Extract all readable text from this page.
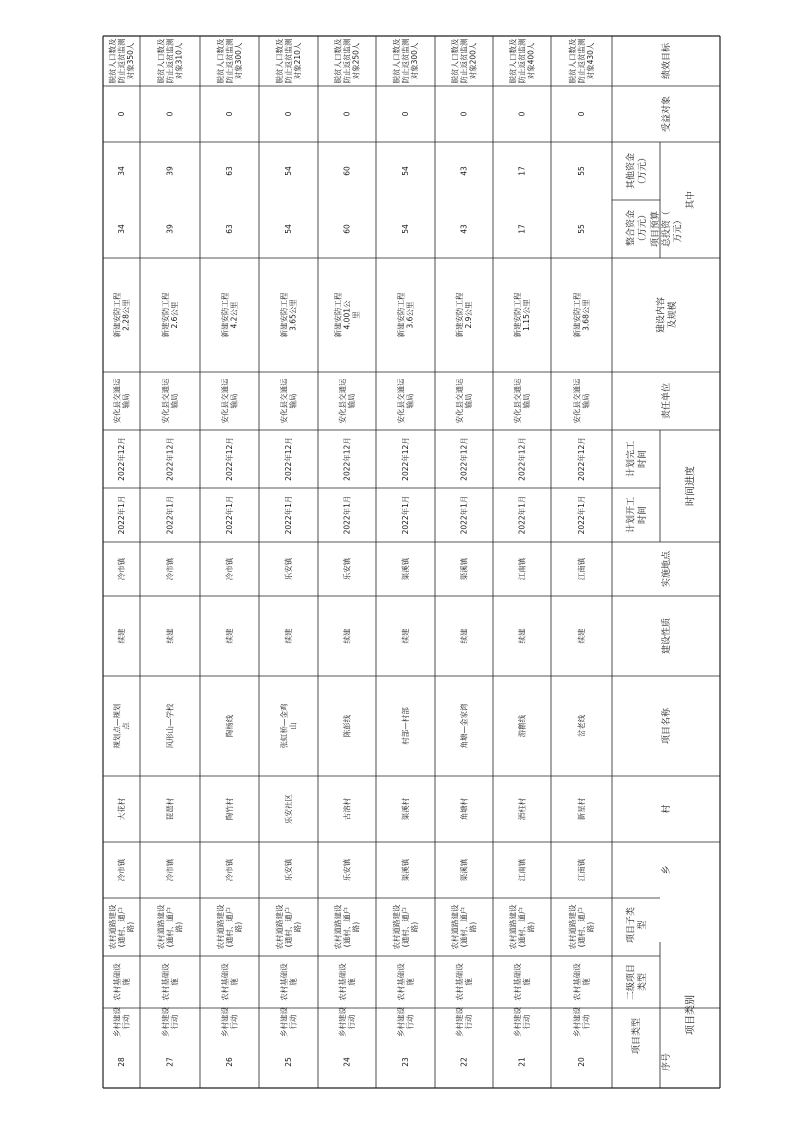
项目类别
序号
项目类型
二级项目类型
项目子类型
乡
村
项目名称
建设性质
实施地点
时间进度
计划开工时间
计划完工时间
责任单位
建设内容及规模
项目预算总投资（万元）
其中
整合资金（万元）
其他资金（万元）
受益对象
绩效目标
20
乡村建设行动
农村基础设施
农村道路建设(通村、通户路)
江南镇
新星村
岔老线
续建
江南镇
2022年1月
2022年12月
安化县交通运输局
新建安防工程3.68公里
55
55
0
脱贫人口数及防止返贫监测对象430人
21
乡村建设行动
农村基础设施
农村道路建设(通村、通户路)
江南镇
酒柱村
游鹅线
续建
江南镇
2022年1月
2022年12月
安化县交通运输局
新建安防工程1.15公里
17
17
0
脱贫人口数及防止返贫监测对象400人
22
乡村建设行动
农村基础设施
农村道路建设(通村、通户路)
渠溪镇
角塘村
角塘—金家湾
续建
渠溪镇
2022年1月
2022年12月
安化县交通运输局
新建安防工程2.9公里
43
43
0
脱贫人口数及防止返贫监测对象200人
23
乡村建设行动
农村基础设施
农村道路建设(通村、通户路)
渠溪镇
渠溪村
村部—村部
续建
渠溪镇
2022年1月
2022年12月
安化县交通运输局
新建安防工程3.6公里
54
54
0
脱贫人口数及防止返贫监测对象300人
24
乡村建设行动
农村基础设施
农村道路建设(通村、通户路)
乐安镇
古溶村
陈彭线
续建
乐安镇
2022年1月
2022年12月
安化县交通运输局
新建安防工程4.001公里
60
60
0
脱贫人口数及防止返贫监测对象250人
25
乡村建设行动
农村基础设施
农村道路建设(通村、通户路)
乐安镇
乐安社区
张虹桥—金鸡山
续建
乐安镇
2022年1月
2022年12月
安化县交通运输局
新建安防工程3.65公里
54
54
0
脱贫人口数及防止返贫监测对象210人
26
乡村建设行动
农村基础设施
农村道路建设(通村、通户路)
冷市镇
陶竹村
陶杨线
续建
冷市镇
2022年1月
2022年12月
安化县交通运输局
新建安防工程4.2公里
63
63
0
脱贫人口数及防止返贫监测对象300人
27
乡村建设行动
农村基础设施
农村道路建设(通村、通户路)
冷市镇
琵琶村
风形山—学校
续建
冷市镇
2022年1月
2022年12月
安化县交通运输局
新建安防工程2.6公里
39
39
0
脱贫人口数及防止返贫监测对象310人
28
乡村建设行动
农村基础设施
农村道路建设(通村、通户路)
冷市镇
大花村
规划点—规划点
续建
冷市镇
2022年1月
2022年12月
安化县交通运输局
新建安防工程2.28公里
34
34
0
脱贫人口数及防止返贫监测对象350人
